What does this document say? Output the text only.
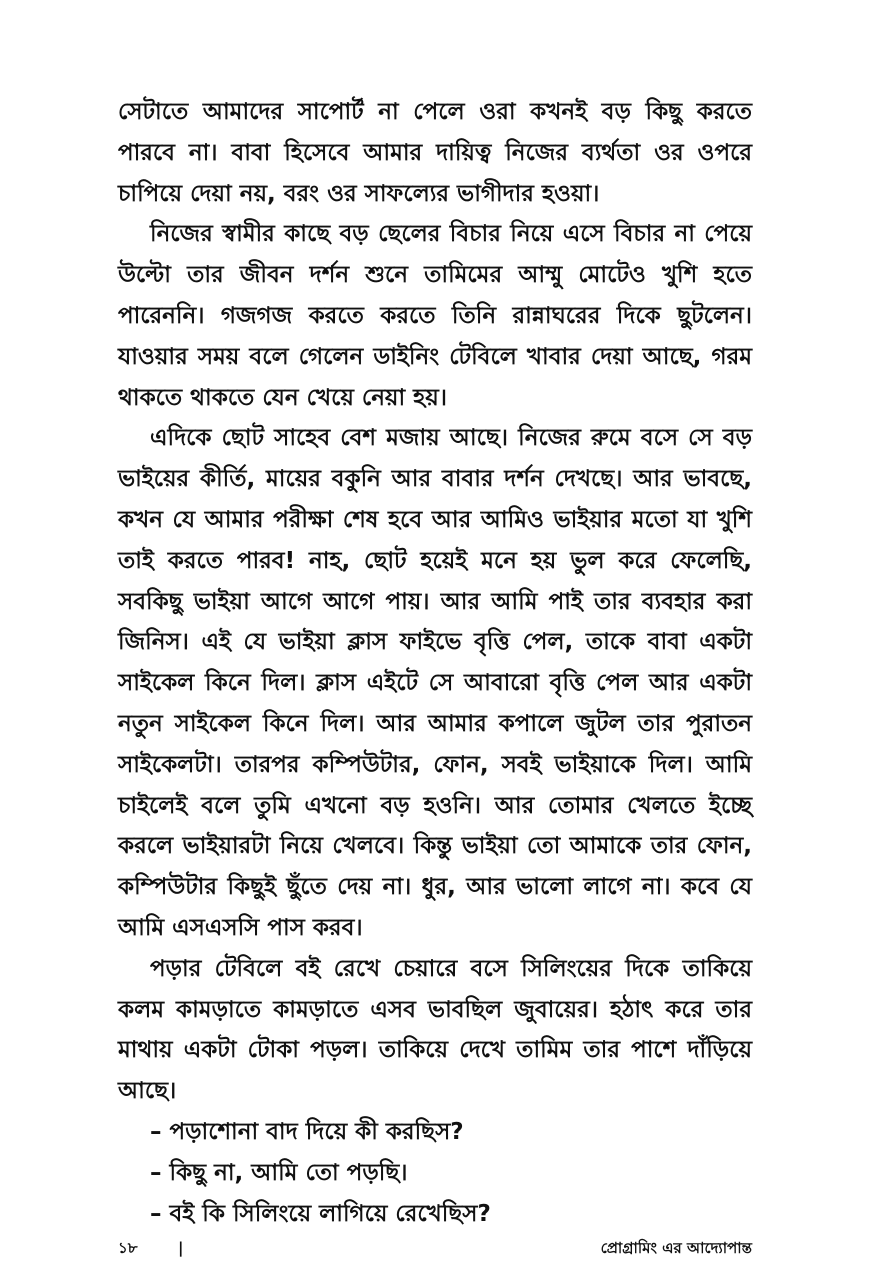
সেটাতে আমাদের সাপোর্ট না পেলে ওরা কখনই বড় কিছু করতে পারবে না। বাবা হিসেবে আমার দায়িত্ব নিজের ব্যর্থতা ওর ওপরে চাপিয়ে দেয়া নয়, বরং ওর সাফল্যের ভাগীদার হওয়া।

নিজের স্বামীর কাছে বড় ছেলের বিচার নিয়ে এসে বিচার না পেয়ে উল্টো তার জীবন দর্শন শুনে তামিমের আম্মু মোটেও খুশি হতে পারেননি। গজগজ করতে করতে তিনি রান্নাঘরের দিকে ছুটলেন। যাওয়ার সময় বলে গেলেন ডাইনিং টেবিলে খাবার দেয়া আছে, গরম থাকতে থাকতে যেন খেয়ে নেয়া হয়।

এদিকে ছোট সাহেব বেশ মজায় আছে। নিজের রুমে বসে সে বড় ভাইয়ের কীর্তি, মায়ের বকুনি আর বাবার দর্শন দেখছে। আর ভাবছে, কখন যে আমার পরীক্ষা শেষ হবে আর আমিও ভাইয়ার মতো যা খুশি তাই করতে পারব! নাহ, ছোট হয়েই মনে হয় ভুল করে ফেলেছি, সবকিছু ভাইয়া আগে আগে পায়। আর আমি পাই তার ব্যবহার করা জিনিস। এই যে ভাইয়া ক্লাস ফাইভে বৃত্তি পেল, তাকে বাবা একটা সাইকেল কিনে দিল। ক্লাস এইটে সে আবারো বৃত্তি পেল আর একটা নতুন সাইকেল কিনে দিল। আর আমার কপালে জুটল তার পুরাতন সাইকেলটা। তারপর কম্পিউটার, ফোন, সবই ভাইয়াকে দিল। আমি চাইলেই বলে তুমি এখনো বড় হওনি। আর তোমার খেলতে ইচ্ছে করলে ভাইয়ারটা নিয়ে খেলবে। কিন্তু ভাইয়া তো আমাকে তার ফোন, কম্পিউটার কিছুই ছুঁতে দেয় না। ধুর, আর ভালো লাগে না। কবে যে আমি এসএসসি পাস করব।

পড়ার টেবিলে বই রেখে চেয়ারে বসে সিলিংয়ের দিকে তাকিয়ে কলম কামড়াতে কামড়াতে এসব ভাবছিল জুবায়ের। হঠাৎ করে তার মাথায় একটা টোকা পড়ল। তাকিয়ে দেখে তামিম তার পাশে দাঁড়িয়ে আছে।

– পড়াশোনা বাদ দিয়ে কী করছিস?

– কিছু না, আমি তো পড়ছি।

– বই কি সিলিংয়ে লাগিয়ে রেখেছিস?

১৮	|	প্রোগ্রামিং এর আদ্যোপান্ত
